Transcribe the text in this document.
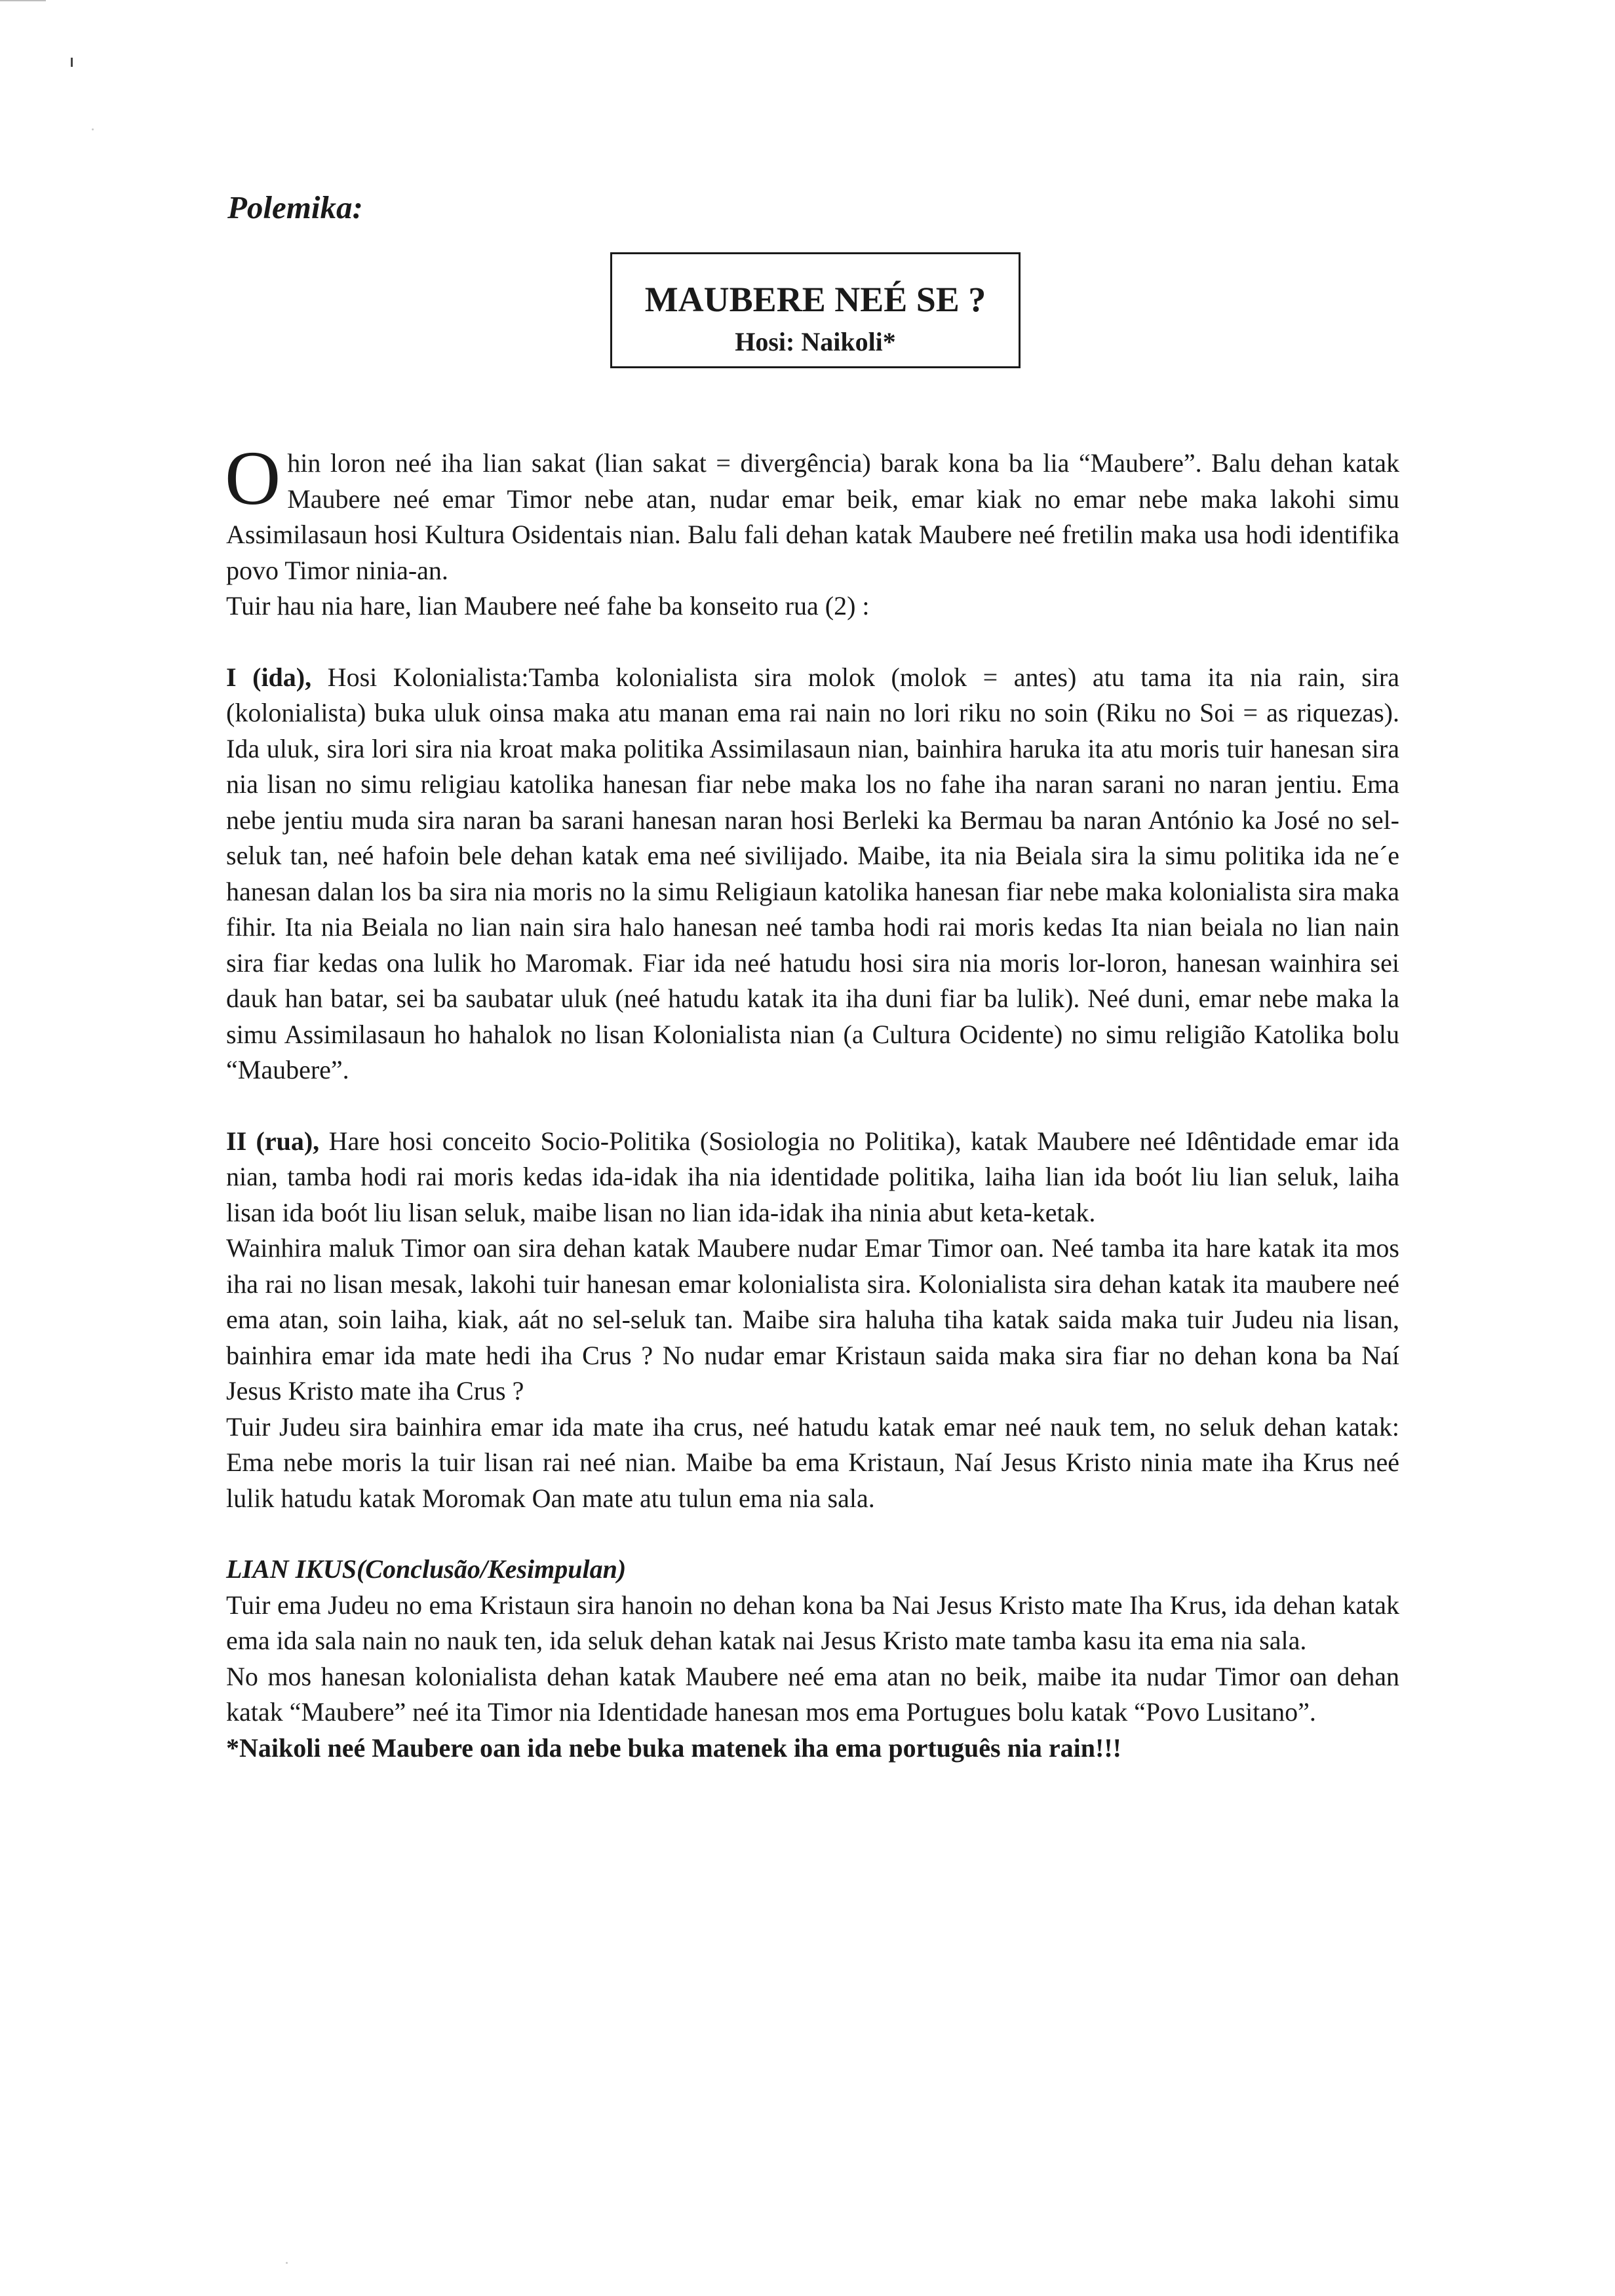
Polemika:
MAUBERE NEÉ SE ?
Hosi: Naikoli*

Ohin loron neé iha lian sakat (lian sakat = divergência) barak kona ba lia “Maubere”. Balu dehan katak Maubere neé emar Timor nebe atan, nudar emar beik, emar kiak no emar nebe maka lakohi simu Assimilasaun hosi Kultura Osidentais nian. Balu fali dehan katak Maubere neé fretilin maka usa hodi identifika povo Timor ninia-an.

Tuir hau nia hare, lian Maubere neé fahe ba konseito rua (2) :

I (ida), Hosi Kolonialista:Tamba kolonialista sira molok (molok = antes) atu tama ita nia rain, sira (kolonialista) buka uluk oinsa maka atu manan ema rai nain no lori riku no soin (Riku no Soi = as riquezas). Ida uluk, sira lori sira nia kroat maka politika Assimilasaun nian, bainhira haruka ita atu moris tuir hanesan sira nia lisan no simu religiau katolika hanesan fiar nebe maka los no fahe iha naran sarani no naran jentiu. Ema nebe jentiu muda sira naran ba sarani hanesan naran hosi Berleki ka Bermau ba naran António ka José no sel-seluk tan, neé hafoin bele dehan katak ema neé sivilijado. Maibe, ita nia Beiala sira la simu politika ida ne´e hanesan dalan los ba sira nia moris no la simu Religiaun katolika hanesan fiar nebe maka kolonialista sira maka fihir. Ita nia Beiala no lian nain sira halo hanesan neé tamba hodi rai moris kedas Ita nian beiala no lian nain sira fiar kedas ona lulik ho Maromak. Fiar ida neé hatudu hosi sira nia moris lor-loron, hanesan wainhira sei dauk han batar, sei ba saubatar uluk (neé hatudu katak ita iha duni fiar ba lulik). Neé duni, emar nebe maka la simu Assimilasaun ho hahalok no lisan Kolonialista nian (a Cultura Ocidente) no simu religião Katolika bolu “Maubere”.

II (rua), Hare hosi conceito Socio-Politika (Sosiologia no Politika), katak Maubere neé Idêntidade emar ida nian, tamba hodi rai moris kedas ida-idak iha nia identidade politika, laiha lian ida boót liu lian seluk, laiha lisan ida boót liu lisan seluk, maibe lisan no lian ida-idak iha ninia abut keta-ketak.

Wainhira maluk Timor oan sira dehan katak Maubere nudar Emar Timor oan. Neé tamba ita hare katak ita mos iha rai no lisan mesak, lakohi tuir hanesan emar kolonialista sira. Kolonialista sira dehan katak ita maubere neé ema atan, soin laiha, kiak, aát no sel-seluk tan. Maibe sira haluha tiha katak saida maka tuir Judeu nia lisan, bainhira emar ida mate hedi iha Crus ? No nudar emar Kristaun saida maka sira fiar no dehan kona ba Naí Jesus Kristo mate iha Crus ?

Tuir Judeu sira bainhira emar ida mate iha crus, neé hatudu katak emar neé nauk tem, no seluk dehan katak: Ema nebe moris la tuir lisan rai neé nian. Maibe ba ema Kristaun, Naí Jesus Kristo ninia mate iha Krus neé lulik hatudu katak Moromak Oan mate atu tulun ema nia sala.

LIAN IKUS(Conclusão/Kesimpulan)

Tuir ema Judeu no ema Kristaun sira hanoin no dehan kona ba Nai Jesus Kristo mate Iha Krus, ida dehan katak ema ida sala nain no nauk ten, ida seluk dehan katak nai Jesus Kristo mate tamba kasu ita ema nia sala.

No mos hanesan kolonialista dehan katak Maubere neé ema atan no beik, maibe ita nudar Timor oan dehan katak “Maubere” neé ita Timor nia Identidade hanesan mos ema Portugues bolu katak “Povo Lusitano”.

*Naikoli neé Maubere oan ida nebe buka matenek iha ema português nia rain!!!
